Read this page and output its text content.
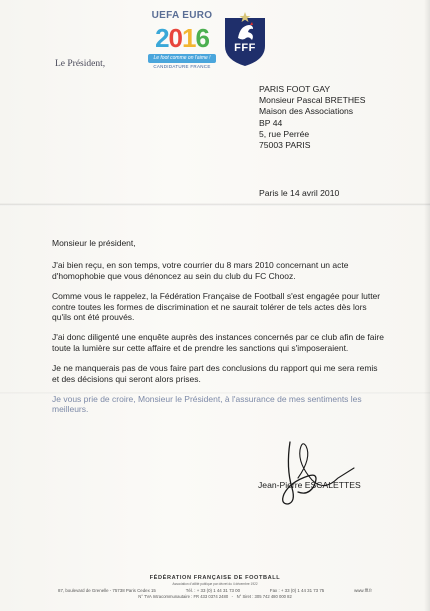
UEFA EURO
2016
Le foot comme on l'aime !
CANDIDATURE FRANCE
FFF
Le Président,
PARIS FOOT GAY
Monsieur Pascal BRETHES
Maison des Associations
BP 44
5, rue Perrée
75003 PARIS
Paris le 14 avril 2010

Monsieur le président,

J'ai bien reçu, en son temps, votre courrier du 8 mars 2010 concernant un acte d'homophobie que vous dénoncez au sein du club du FC Chooz.

Comme vous le rappelez, la Fédération Française de Football s'est engagée pour lutter contre toutes les formes de discrimination et ne saurait tolérer de tels actes dès lors qu'ils ont été prouvés.

J'ai donc diligenté une enquête auprès des instances concernés par ce club afin de faire toute la lumière sur cette affaire et de prendre les sanctions qui s'imposeraient.

Je ne manquerais pas de vous faire part des conclusions du rapport qui me sera remis et des décisions qui seront alors prises.

Je vous prie de croire, Monsieur le Président, à l'assurance de mes sentiments les meilleurs.

Jean-Pierre ESCALETTES
FÉDÉRATION FRANÇAISE DE FOOTBALL
Association d'utilité publique par décret du 4 décembre 1922
87, boulevard de Grenelle - 75738 Paris Cedex 15	Tél. : + 33 (0) 1 44 31 73 00	Fax : + 33 (0) 1 44 31 73 75	www.fff.fr
N° TVA Intracommunautaire : FR 433 0374 2480   -   N° Siret : 305 742 480 000 82
